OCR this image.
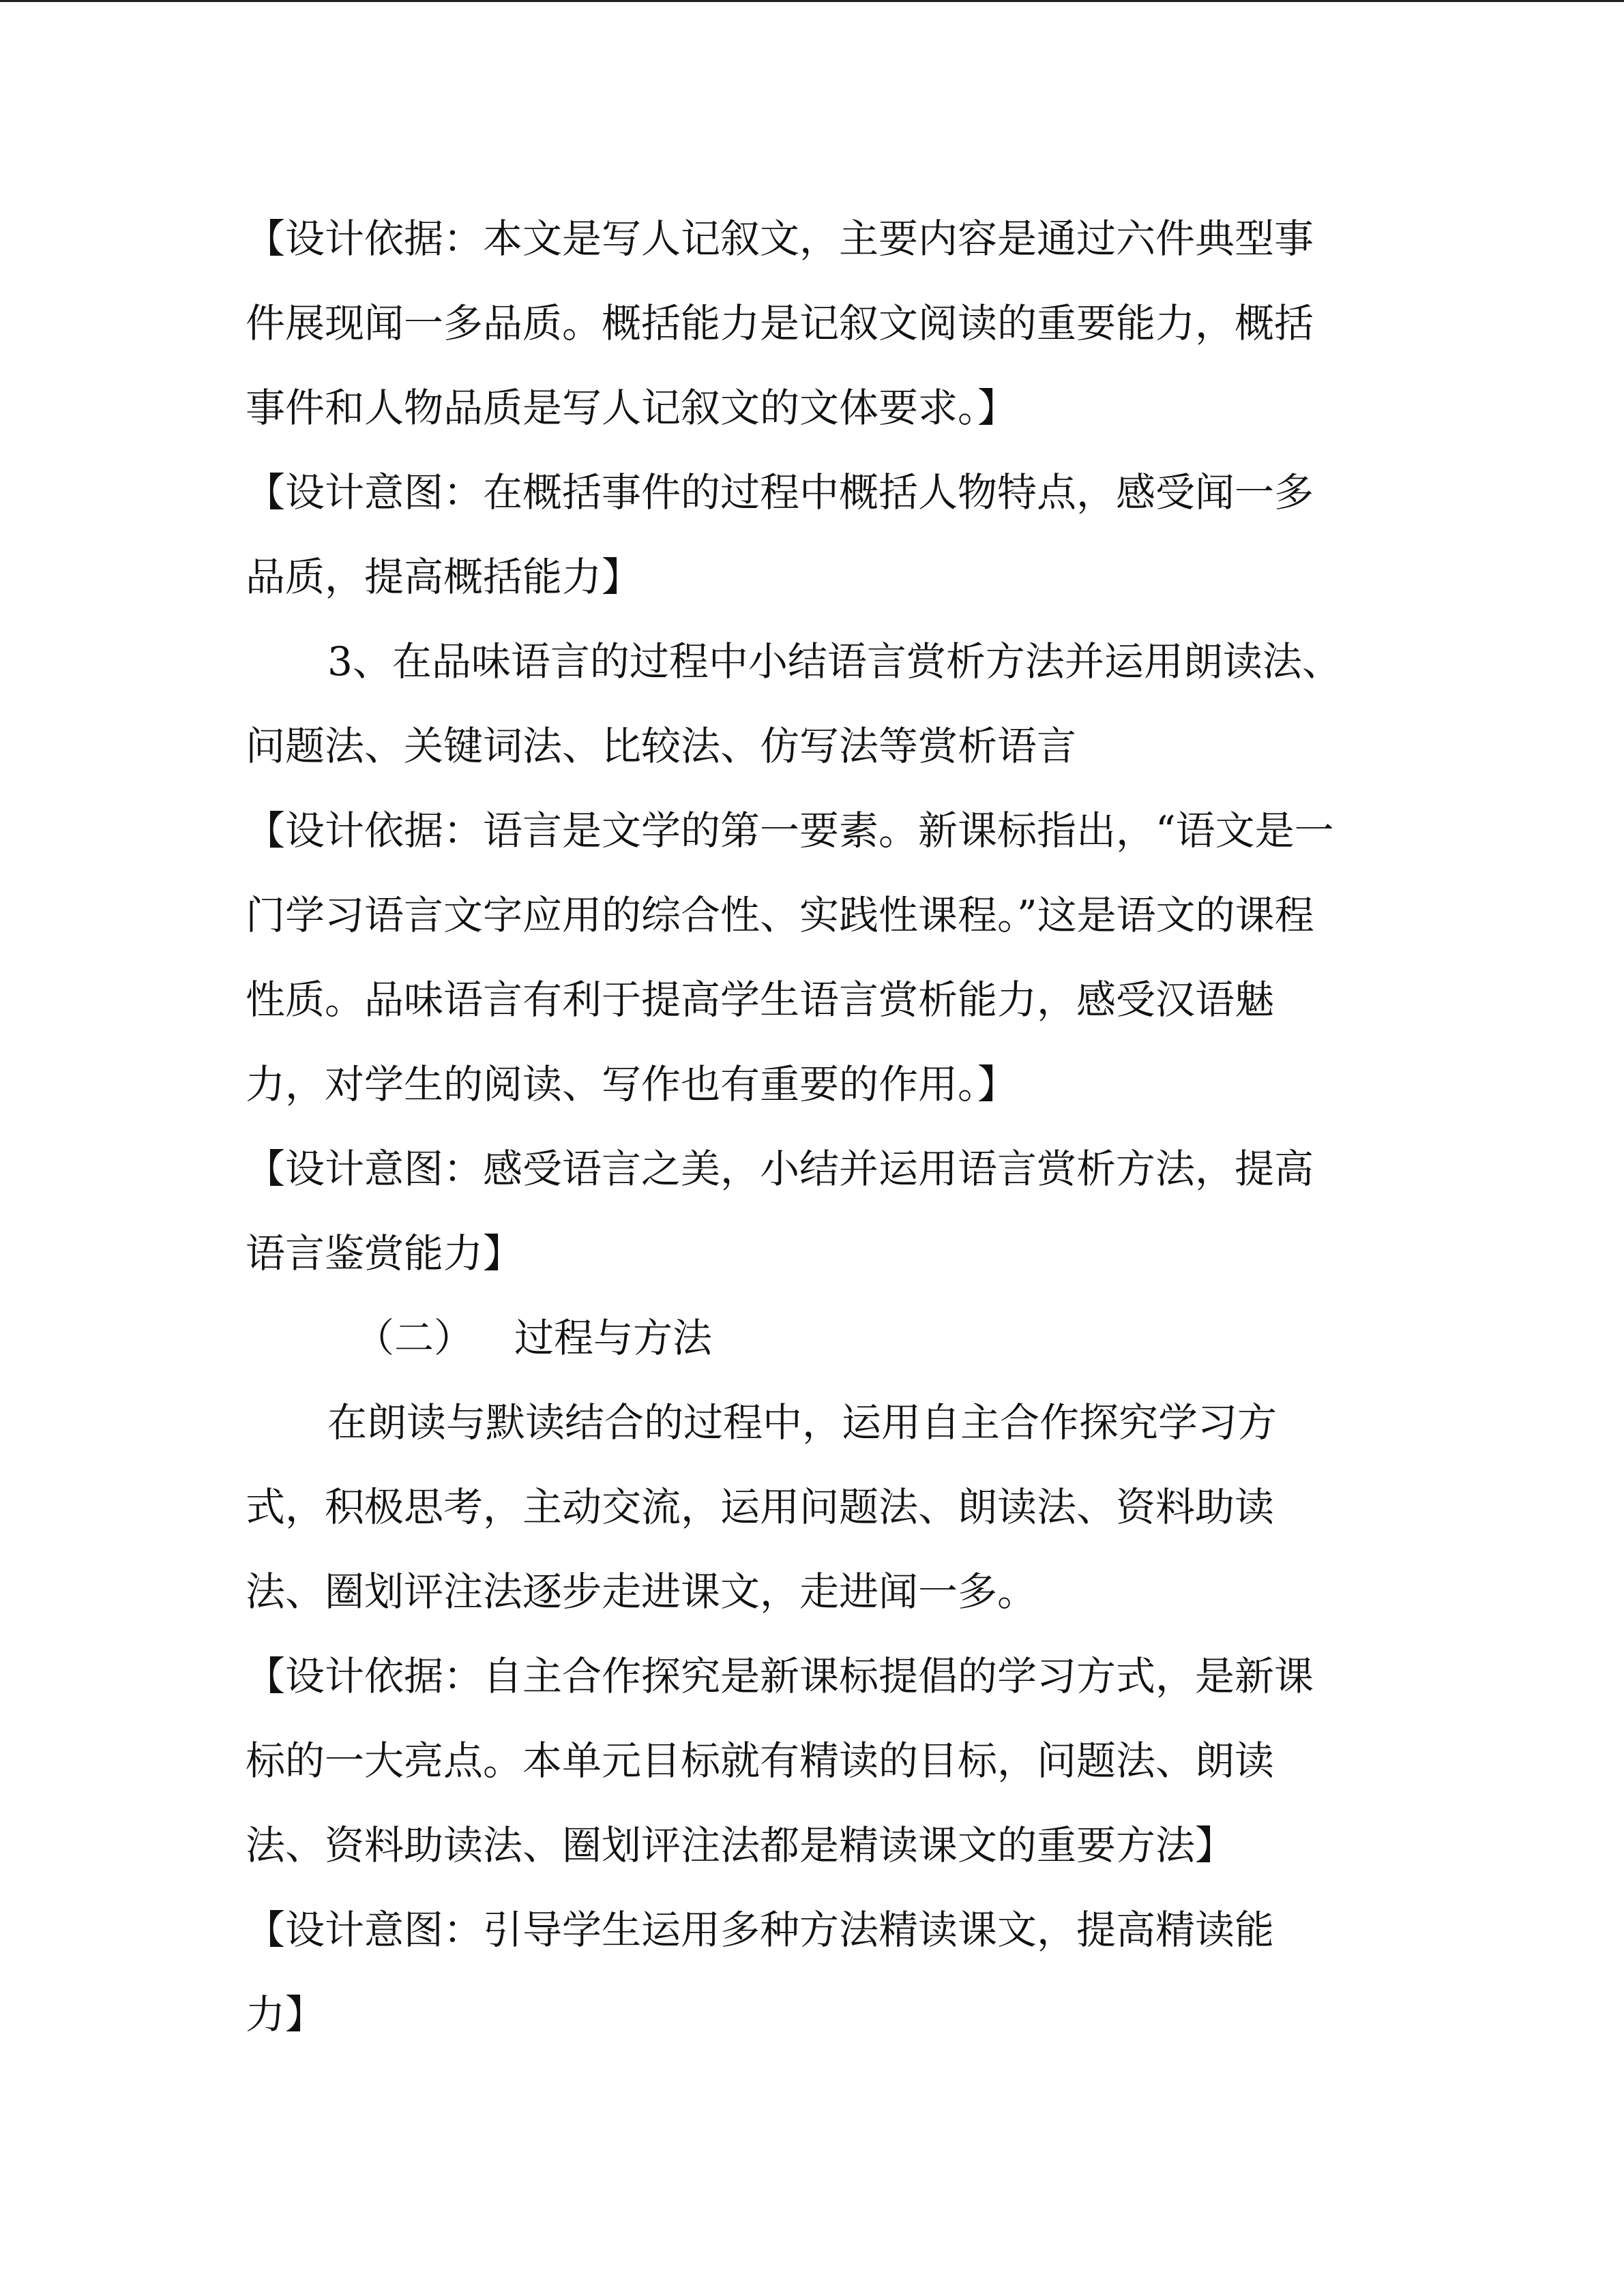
【设计依据：本文是写人记叙文，主要内容是通过六件典型事
件展现闻一多品质。概括能力是记叙文阅读的重要能力，概括
事件和人物品质是写人记叙文的文体要求。】
【设计意图：在概括事件的过程中概括人物特点，感受闻一多
品质，提高概括能力】
3、在品味语言的过程中小结语言赏析方法并运用朗读法、
问题法、关键词法、比较法、仿写法等赏析语言
【设计依据：语言是文学的第一要素。新课标指出，“语文是一
门学习语言文字应用的综合性、实践性课程。”这是语文的课程
性质。品味语言有利于提高学生语言赏析能力，感受汉语魅
力，对学生的阅读、写作也有重要的作用。】
【设计意图：感受语言之美，小结并运用语言赏析方法，提高
语言鉴赏能力】
（二） 过程与方法
在朗读与默读结合的过程中，运用自主合作探究学习方
式，积极思考，主动交流，运用问题法、朗读法、资料助读
法、圈划评注法逐步走进课文，走进闻一多。
【设计依据：自主合作探究是新课标提倡的学习方式，是新课
标的一大亮点。本单元目标就有精读的目标，问题法、朗读
法、资料助读法、圈划评注法都是精读课文的重要方法】
【设计意图：引导学生运用多种方法精读课文，提高精读能
力】
